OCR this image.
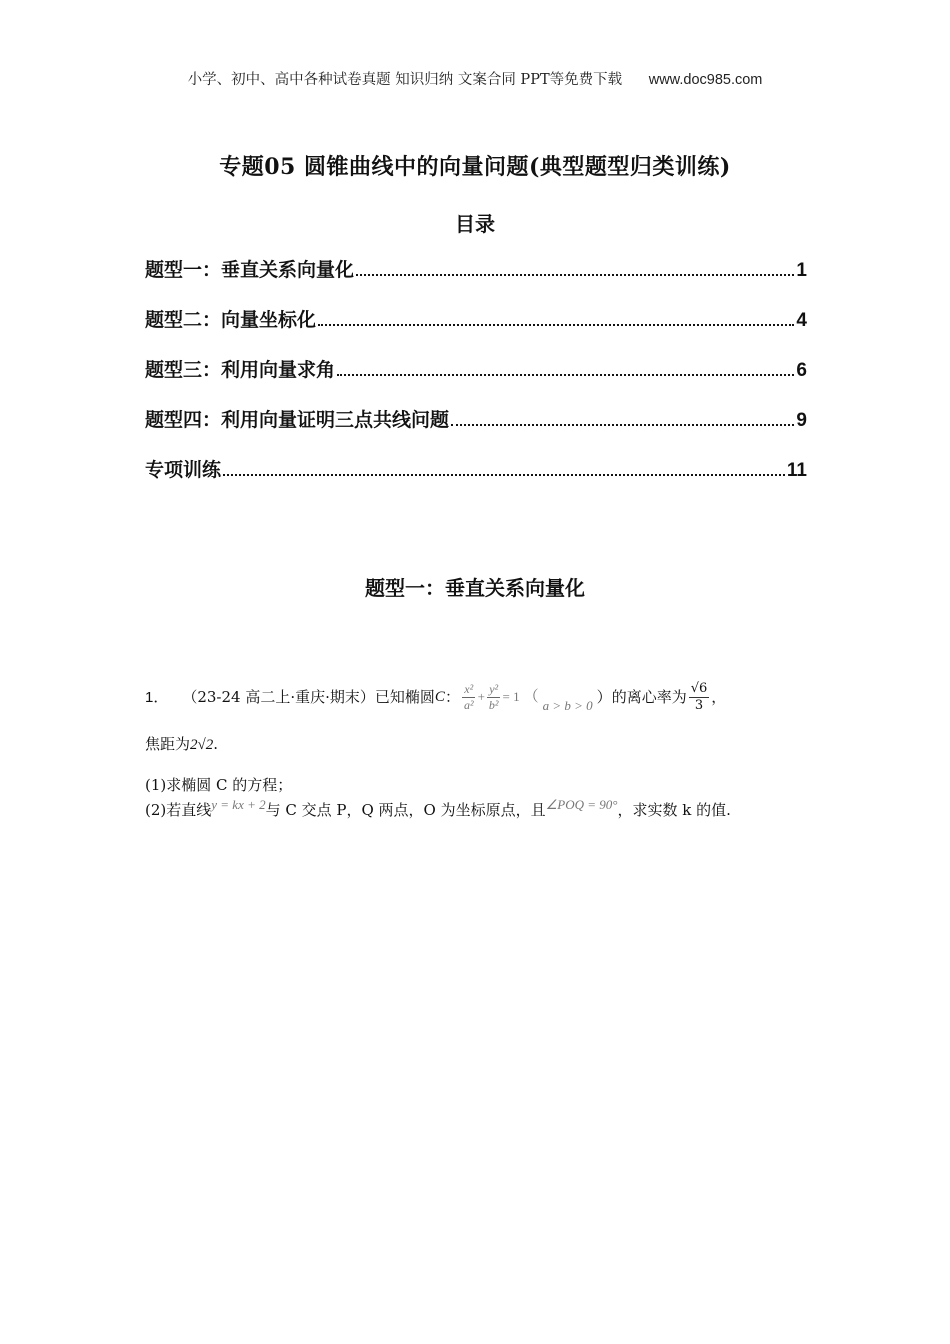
小学、初中、高中各种试卷真题 知识归纳 文案合同 PPT等免费下载 www.doc985.com
专题05 圆锥曲线中的向量问题(典型题型归类训练)
目录
题型一：垂直关系向量化	1
题型二：向量坐标化	4
题型三：利用向量求角	6
题型四：利用向量证明三点共线问题	9
专项训练	11
题型一：垂直关系向量化
1． （23-24 高二上·重庆·期末） 已知椭圆 C ： $\frac{\text{x²}}{\text{a²}} + \frac{\text{y²}}{\text{b²}} = 1$ （
a > b > 0 ） 的离心率为 $\frac{√6}{3}$ ，
焦距为2√2.
(1)求椭圆 C 的方程；
(2)若直线y = kx + 2与 C 交点 P，Q 两点，O 为坐标原点，且∠POQ = 90°，求实数 k 的值.
